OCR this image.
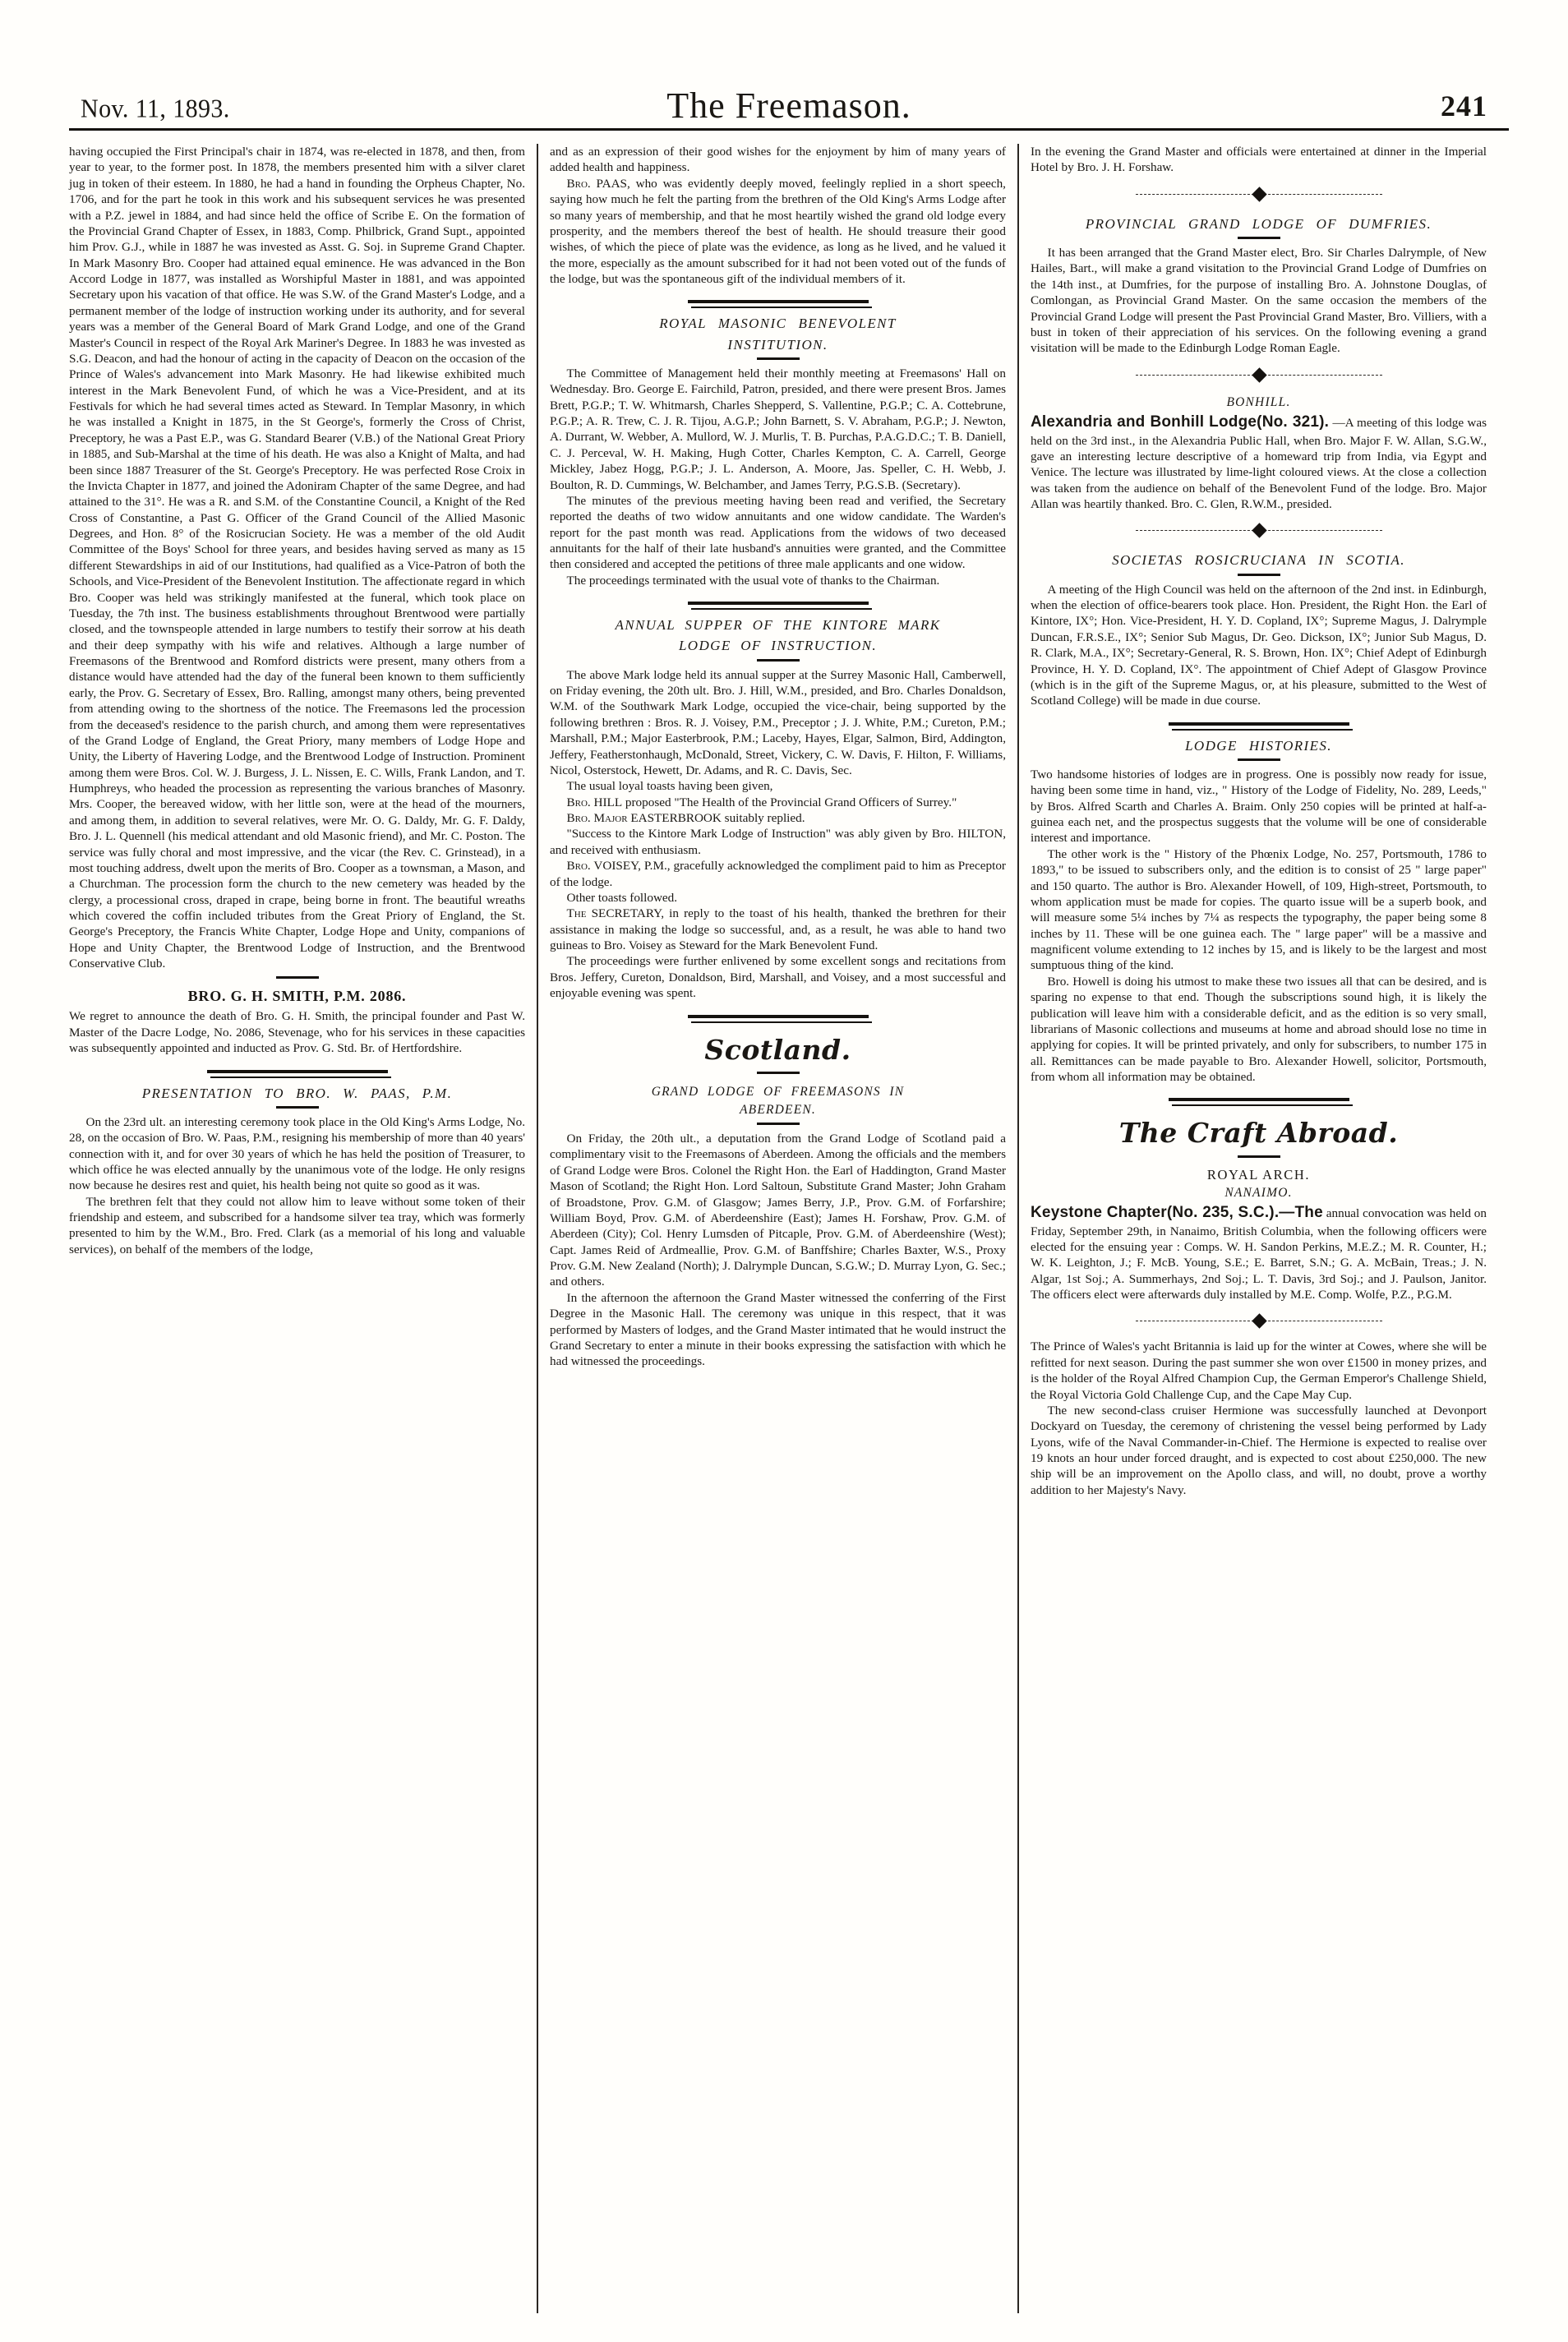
Nov. 11, 1893.	The Freemason.	241

having occupied the First Principal's chair in 1874, was re-elected in 1878, and then, from year to year, to the former post. In 1878, the members presented him with a silver claret jug in token of their esteem. In 1880, he had a hand in founding the Orpheus Chapter, No. 1706, and for the part he took in this work and his subsequent services he was presented with a P.Z. jewel in 1884, and had since held the office of Scribe E. On the formation of the Provincial Grand Chapter of Essex, in 1883, Comp. Philbrick, Grand Supt., appointed him Prov. G.J., while in 1887 he was invested as Asst. G. Soj. in Supreme Grand Chapter. In Mark Masonry Bro. Cooper had attained equal eminence. He was advanced in the Bon Accord Lodge in 1877, was installed as Worshipful Master in 1881, and was appointed Secretary upon his vacation of that office. He was S.W. of the Grand Master's Lodge, and a permanent member of the lodge of instruction working under its authority, and for several years was a member of the General Board of Mark Grand Lodge, and one of the Grand Master's Council in respect of the Royal Ark Mariner's Degree. In 1883 he was invested as S.G. Deacon, and had the honour of acting in the capacity of Deacon on the occasion of the Prince of Wales's advancement into Mark Masonry. He had likewise exhibited much interest in the Mark Benevolent Fund, of which he was a Vice-President, and at its Festivals for which he had several times acted as Steward. In Templar Masonry, in which he was installed a Knight in 1875, in the St George's, formerly the Cross of Christ, Preceptory, he was a Past E.P., was G. Standard Bearer (V.B.) of the National Great Priory in 1885, and Sub-Marshal at the time of his death. He was also a Knight of Malta, and had been since 1887 Treasurer of the St. George's Preceptory. He was perfected Rose Croix in the Invicta Chapter in 1877, and joined the Adoniram Chapter of the same Degree, and had attained to the 31°. He was a R. and S.M. of the Constantine Council, a Knight of the Red Cross of Constantine, a Past G. Officer of the Grand Council of the Allied Masonic Degrees, and Hon. 8° of the Rosicrucian Society. He was a member of the old Audit Committee of the Boys' School for three years, and besides having served as many as 15 different Stewardships in aid of our Institutions, had qualified as a Vice-Patron of both the Schools, and Vice-President of the Benevolent Institution. The affectionate regard in which Bro. Cooper was held was strikingly manifested at the funeral, which took place on Tuesday, the 7th inst. The business establishments throughout Brentwood were partially closed, and the townspeople attended in large numbers to testify their sorrow at his death and their deep sympathy with his wife and relatives. Although a large number of Freemasons of the Brentwood and Romford districts were present, many others from a distance would have attended had the day of the funeral been known to them sufficiently early, the Prov. G. Secretary of Essex, Bro. Ralling, amongst many others, being prevented from attending owing to the shortness of the notice. The Freemasons led the procession from the deceased's residence to the parish church, and among them were representatives of the Grand Lodge of England, the Great Priory, many members of Lodge Hope and Unity, the Liberty of Havering Lodge, and the Brentwood Lodge of Instruction. Prominent among them were Bros. Col. W. J. Burgess, J. L. Nissen, E. C. Wills, Frank Landon, and T. Humphreys, who headed the procession as representing the various branches of Masonry. Mrs. Cooper, the bereaved widow, with her little son, were at the head of the mourners, and among them, in addition to several relatives, were Mr. O. G. Daldy, Mr. G. F. Daldy, Bro. J. L. Quennell (his medical attendant and old Masonic friend), and Mr. C. Poston. The service was fully choral and most impressive, and the vicar (the Rev. C. Grinstead), in a most touching address, dwelt upon the merits of Bro. Cooper as a townsman, a Mason, and a Churchman. The procession form the church to the new cemetery was headed by the clergy, a processional cross, draped in crape, being borne in front. The beautiful wreaths which covered the coffin included tributes from the Great Priory of England, the St. George's Preceptory, the Francis White Chapter, Lodge Hope and Unity, companions of Hope and Unity Chapter, the Brentwood Lodge of Instruction, and the Brentwood Conservative Club.

BRO. G. H. SMITH, P.M. 2086.

We regret to announce the death of Bro. G. H. Smith, the principal founder and Past W. Master of the Dacre Lodge, No. 2086, Stevenage, who for his services in these capacities was subsequently appointed and inducted as Prov. G. Std. Br. of Hertfordshire.

PRESENTATION TO BRO. W. PAAS, P.M.

On the 23rd ult. an interesting ceremony took place in the Old King's Arms Lodge, No. 28, on the occasion of Bro. W. Paas, P.M., resigning his membership of more than 40 years' connection with it, and for over 30 years of which he has held the position of Treasurer, to which office he was elected annually by the unanimous vote of the lodge. He only resigns now because he desires rest and quiet, his health being not quite so good as it was.

The brethren felt that they could not allow him to leave without some token of their friendship and esteem, and subscribed for a handsome silver tea tray, which was formerly presented to him by the W.M., Bro. Fred. Clark (as a memorial of his long and valuable services), on behalf of the members of the lodge,

and as an expression of their good wishes for the enjoyment by him of many years of added health and happiness.

Bro. PAAS, who was evidently deeply moved, feelingly replied in a short speech, saying how much he felt the parting from the brethren of the Old King's Arms Lodge after so many years of membership, and that he most heartily wished the grand old lodge every prosperity, and the members thereof the best of health. He should treasure their good wishes, of which the piece of plate was the evidence, as long as he lived, and he valued it the more, especially as the amount subscribed for it had not been voted out of the funds of the lodge, but was the spontaneous gift of the individual members of it.

ROYAL MASONIC BENEVOLENT
INSTITUTION.

The Committee of Management held their monthly meeting at Freemasons' Hall on Wednesday. Bro. George E. Fairchild, Patron, presided, and there were present Bros. James Brett, P.G.P.; T. W. Whitmarsh, Charles Shepperd, S. Vallentine, P.G.P.; C. A. Cottebrune, P.G.P.; A. R. Trew, C. J. R. Tijou, A.G.P.; John Barnett, S. V. Abraham, P.G.P.; J. Newton, A. Durrant, W. Webber, A. Mullord, W. J. Murlis, T. B. Purchas, P.A.G.D.C.; T. B. Daniell, C. J. Perceval, W. H. Making, Hugh Cotter, Charles Kempton, C. A. Carrell, George Mickley, Jabez Hogg, P.G.P.; J. L. Anderson, A. Moore, Jas. Speller, C. H. Webb, J. Boulton, R. D. Cummings, W. Belchamber, and James Terry, P.G.S.B. (Secretary).

The minutes of the previous meeting having been read and verified, the Secretary reported the deaths of two widow annuitants and one widow candidate. The Warden's report for the past month was read. Applications from the widows of two deceased annuitants for the half of their late husband's annuities were granted, and the Committee then considered and accepted the petitions of three male applicants and one widow.

The proceedings terminated with the usual vote of thanks to the Chairman.

ANNUAL SUPPER OF THE KINTORE MARK
LODGE OF INSTRUCTION.

The above Mark lodge held its annual supper at the Surrey Masonic Hall, Camberwell, on Friday evening, the 20th ult. Bro. J. Hill, W.M., presided, and Bro. Charles Donaldson, W.M. of the Southwark Mark Lodge, occupied the vice-chair, being supported by the following brethren : Bros. R. J. Voisey, P.M., Preceptor ; J. J. White, P.M.; Cureton, P.M.; Marshall, P.M.; Major Easterbrook, P.M.; Laceby, Hayes, Elgar, Salmon, Bird, Addington, Jeffery, Featherstonhaugh, McDonald, Street, Vickery, C. W. Davis, F. Hilton, F. Williams, Nicol, Osterstock, Hewett, Dr. Adams, and R. C. Davis, Sec.

The usual loyal toasts having been given,

Bro. HILL proposed "The Health of the Provincial Grand Officers of Surrey."

Bro. Major EASTERBROOK suitably replied.

"Success to the Kintore Mark Lodge of Instruction" was ably given by Bro. HILTON, and received with enthusiasm.

Bro. VOISEY, P.M., gracefully acknowledged the compliment paid to him as Preceptor of the lodge.

Other toasts followed.

The SECRETARY, in reply to the toast of his health, thanked the brethren for their assistance in making the lodge so successful, and, as a result, he was able to hand two guineas to Bro. Voisey as Steward for the Mark Benevolent Fund.

The proceedings were further enlivened by some excellent songs and recitations from Bros. Jeffery, Cureton, Donaldson, Bird, Marshall, and Voisey, and a most successful and enjoyable evening was spent.

Scotland.
GRAND LODGE OF FREEMASONS IN
ABERDEEN.

On Friday, the 20th ult., a deputation from the Grand Lodge of Scotland paid a complimentary visit to the Freemasons of Aberdeen. Among the officials and the members of Grand Lodge were Bros. Colonel the Right Hon. the Earl of Haddington, Grand Master Mason of Scotland; the Right Hon. Lord Saltoun, Substitute Grand Master; John Graham of Broadstone, Prov. G.M. of Glasgow; James Berry, J.P., Prov. G.M. of Forfarshire; William Boyd, Prov. G.M. of Aberdeenshire (East); James H. Forshaw, Prov. G.M. of Aberdeen (City); Col. Henry Lumsden of Pitcaple, Prov. G.M. of Aberdeenshire (West); Capt. James Reid of Ardmeallie, Prov. G.M. of Banffshire; Charles Baxter, W.S., Proxy Prov. G.M. New Zealand (North); J. Dalrymple Duncan, S.G.W.; D. Murray Lyon, G. Sec.; and others.

In the afternoon the afternoon the Grand Master witnessed the conferring of the First Degree in the Masonic Hall. The ceremony was unique in this respect, that it was performed by Masters of lodges, and the Grand Master intimated that he would instruct the Grand Secretary to enter a minute in their books expressing the satisfaction with which he had witnessed the proceedings.

In the evening the Grand Master and officials were entertained at dinner in the Imperial Hotel by Bro. J. H. Forshaw.

PROVINCIAL GRAND LODGE OF DUMFRIES.

It has been arranged that the Grand Master elect, Bro. Sir Charles Dalrymple, of New Hailes, Bart., will make a grand visitation to the Provincial Grand Lodge of Dumfries on the 14th inst., at Dumfries, for the purpose of installing Bro. A. Johnstone Douglas, of Comlongan, as Provincial Grand Master. On the same occasion the members of the Provincial Grand Lodge will present the Past Provincial Grand Master, Bro. Villiers, with a bust in token of their appreciation of his services. On the following evening a grand visitation will be made to the Edinburgh Lodge Roman Eagle.

BONHILL.

Alexandria and Bonhill Lodge(No. 321). —A meeting of this lodge was held on the 3rd inst., in the Alexandria Public Hall, when Bro. Major F. W. Allan, S.G.W., gave an interesting lecture descriptive of a homeward trip from India, via Egypt and Venice. The lecture was illustrated by lime-light coloured views. At the close a collection was taken from the audience on behalf of the Benevolent Fund of the lodge. Bro. Major Allan was heartily thanked. Bro. C. Glen, R.W.M., presided.

SOCIETAS ROSICRUCIANA IN SCOTIA.

A meeting of the High Council was held on the afternoon of the 2nd inst. in Edinburgh, when the election of office-bearers took place. Hon. President, the Right Hon. the Earl of Kintore, IX°; Hon. Vice-President, H. Y. D. Copland, IX°; Supreme Magus, J. Dalrymple Duncan, F.R.S.E., IX°; Senior Sub Magus, Dr. Geo. Dickson, IX°; Junior Sub Magus, D. R. Clark, M.A., IX°; Secretary-General, R. S. Brown, Hon. IX°; Chief Adept of Edinburgh Province, H. Y. D. Copland, IX°. The appointment of Chief Adept of Glasgow Province (which is in the gift of the Supreme Magus, or, at his pleasure, submitted to the West of Scotland College) will be made in due course.

LODGE HISTORIES.

Two handsome histories of lodges are in progress. One is possibly now ready for issue, having been some time in hand, viz., " History of the Lodge of Fidelity, No. 289, Leeds," by Bros. Alfred Scarth and Charles A. Braim. Only 250 copies will be printed at half-a-guinea each net, and the prospectus suggests that the volume will be one of considerable interest and importance.

The other work is the " History of the Phœnix Lodge, No. 257, Portsmouth, 1786 to 1893," to be issued to subscribers only, and the edition is to consist of 25 " large paper" and 150 quarto. The author is Bro. Alexander Howell, of 109, High-street, Portsmouth, to whom application must be made for copies. The quarto issue will be a superb book, and will measure some 5¼ inches by 7¼ as respects the typography, the paper being some 8 inches by 11. These will be one guinea each. The " large paper" will be a massive and magnificent volume extending to 12 inches by 15, and is likely to be the largest and most sumptuous thing of the kind.

Bro. Howell is doing his utmost to make these two issues all that can be desired, and is sparing no expense to that end. Though the subscriptions sound high, it is likely the publication will leave him with a considerable deficit, and as the edition is so very small, librarians of Masonic collections and museums at home and abroad should lose no time in applying for copies. It will be printed privately, and only for subscribers, to number 175 in all. Remittances can be made payable to Bro. Alexander Howell, solicitor, Portsmouth, from whom all information may be obtained.

The Craft Abroad.
ROYAL ARCH.
NANAIMO.

Keystone Chapter(No. 235, S.C.).—The annual convocation was held on Friday, September 29th, in Nanaimo, British Columbia, when the following officers were elected for the ensuing year : Comps. W. H. Sandon Perkins, M.E.Z.; M. R. Counter, H.; W. K. Leighton, J.; F. McB. Young, S.E.; E. Barret, S.N.; G. A. McBain, Treas.; J. N. Algar, 1st Soj.; A. Summerhays, 2nd Soj.; L. T. Davis, 3rd Soj.; and J. Paulson, Janitor. The officers elect were afterwards duly installed by M.E. Comp. Wolfe, P.Z., P.G.M.

The Prince of Wales's yacht Britannia is laid up for the winter at Cowes, where she will be refitted for next season. During the past summer she won over £1500 in money prizes, and is the holder of the Royal Alfred Champion Cup, the German Emperor's Challenge Shield, the Royal Victoria Gold Challenge Cup, and the Cape May Cup.

The new second-class cruiser Hermione was successfully launched at Devonport Dockyard on Tuesday, the ceremony of christening the vessel being performed by Lady Lyons, wife of the Naval Commander-in-Chief. The Hermione is expected to realise over 19 knots an hour under forced draught, and is expected to cost about £250,000. The new ship will be an improvement on the Apollo class, and will, no doubt, prove a worthy addition to her Majesty's Navy.
